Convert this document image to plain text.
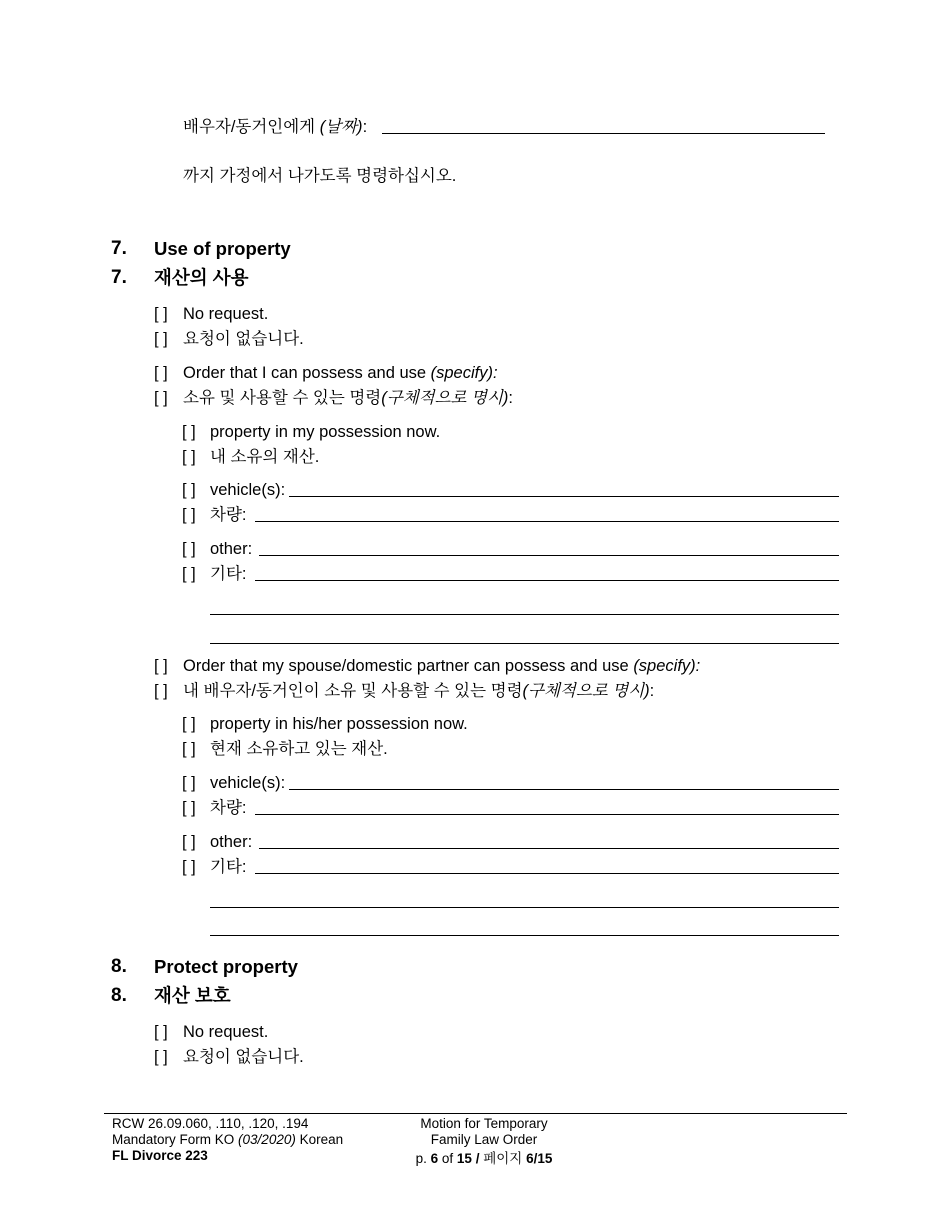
배우자/동거인에게 (날짜):
까지 가정에서 나가도록 명령하십시오.
7. Use of property
7. 재산의 사용
[ ] No request.
[ ] 요청이 없습니다.
[ ] Order that I can possess and use (specify):
[ ] 소유 및 사용할 수 있는 명령(구체적으로 명시):
[ ] property in my possession now.
[ ] 내 소유의 재산.
[ ] vehicle(s):
[ ] 차량:
[ ] other:
[ ] 기타:
[ ] Order that my spouse/domestic partner can possess and use (specify):
[ ] 내 배우자/동거인이 소유 및 사용할 수 있는 명령(구체적으로 명시):
[ ] property in his/her possession now.
[ ] 현재 소유하고 있는 재산.
[ ] vehicle(s):
[ ] 차량:
[ ] other:
[ ] 기타:
8. Protect property
8. 재산 보호
[ ] No request.
[ ] 요청이 없습니다.
RCW 26.09.060, .110, .120, .194
Mandatory Form KO (03/2020) Korean
FL Divorce 223
Motion for Temporary
Family Law Order
p. 6 of 15 / 페이지 6/15
